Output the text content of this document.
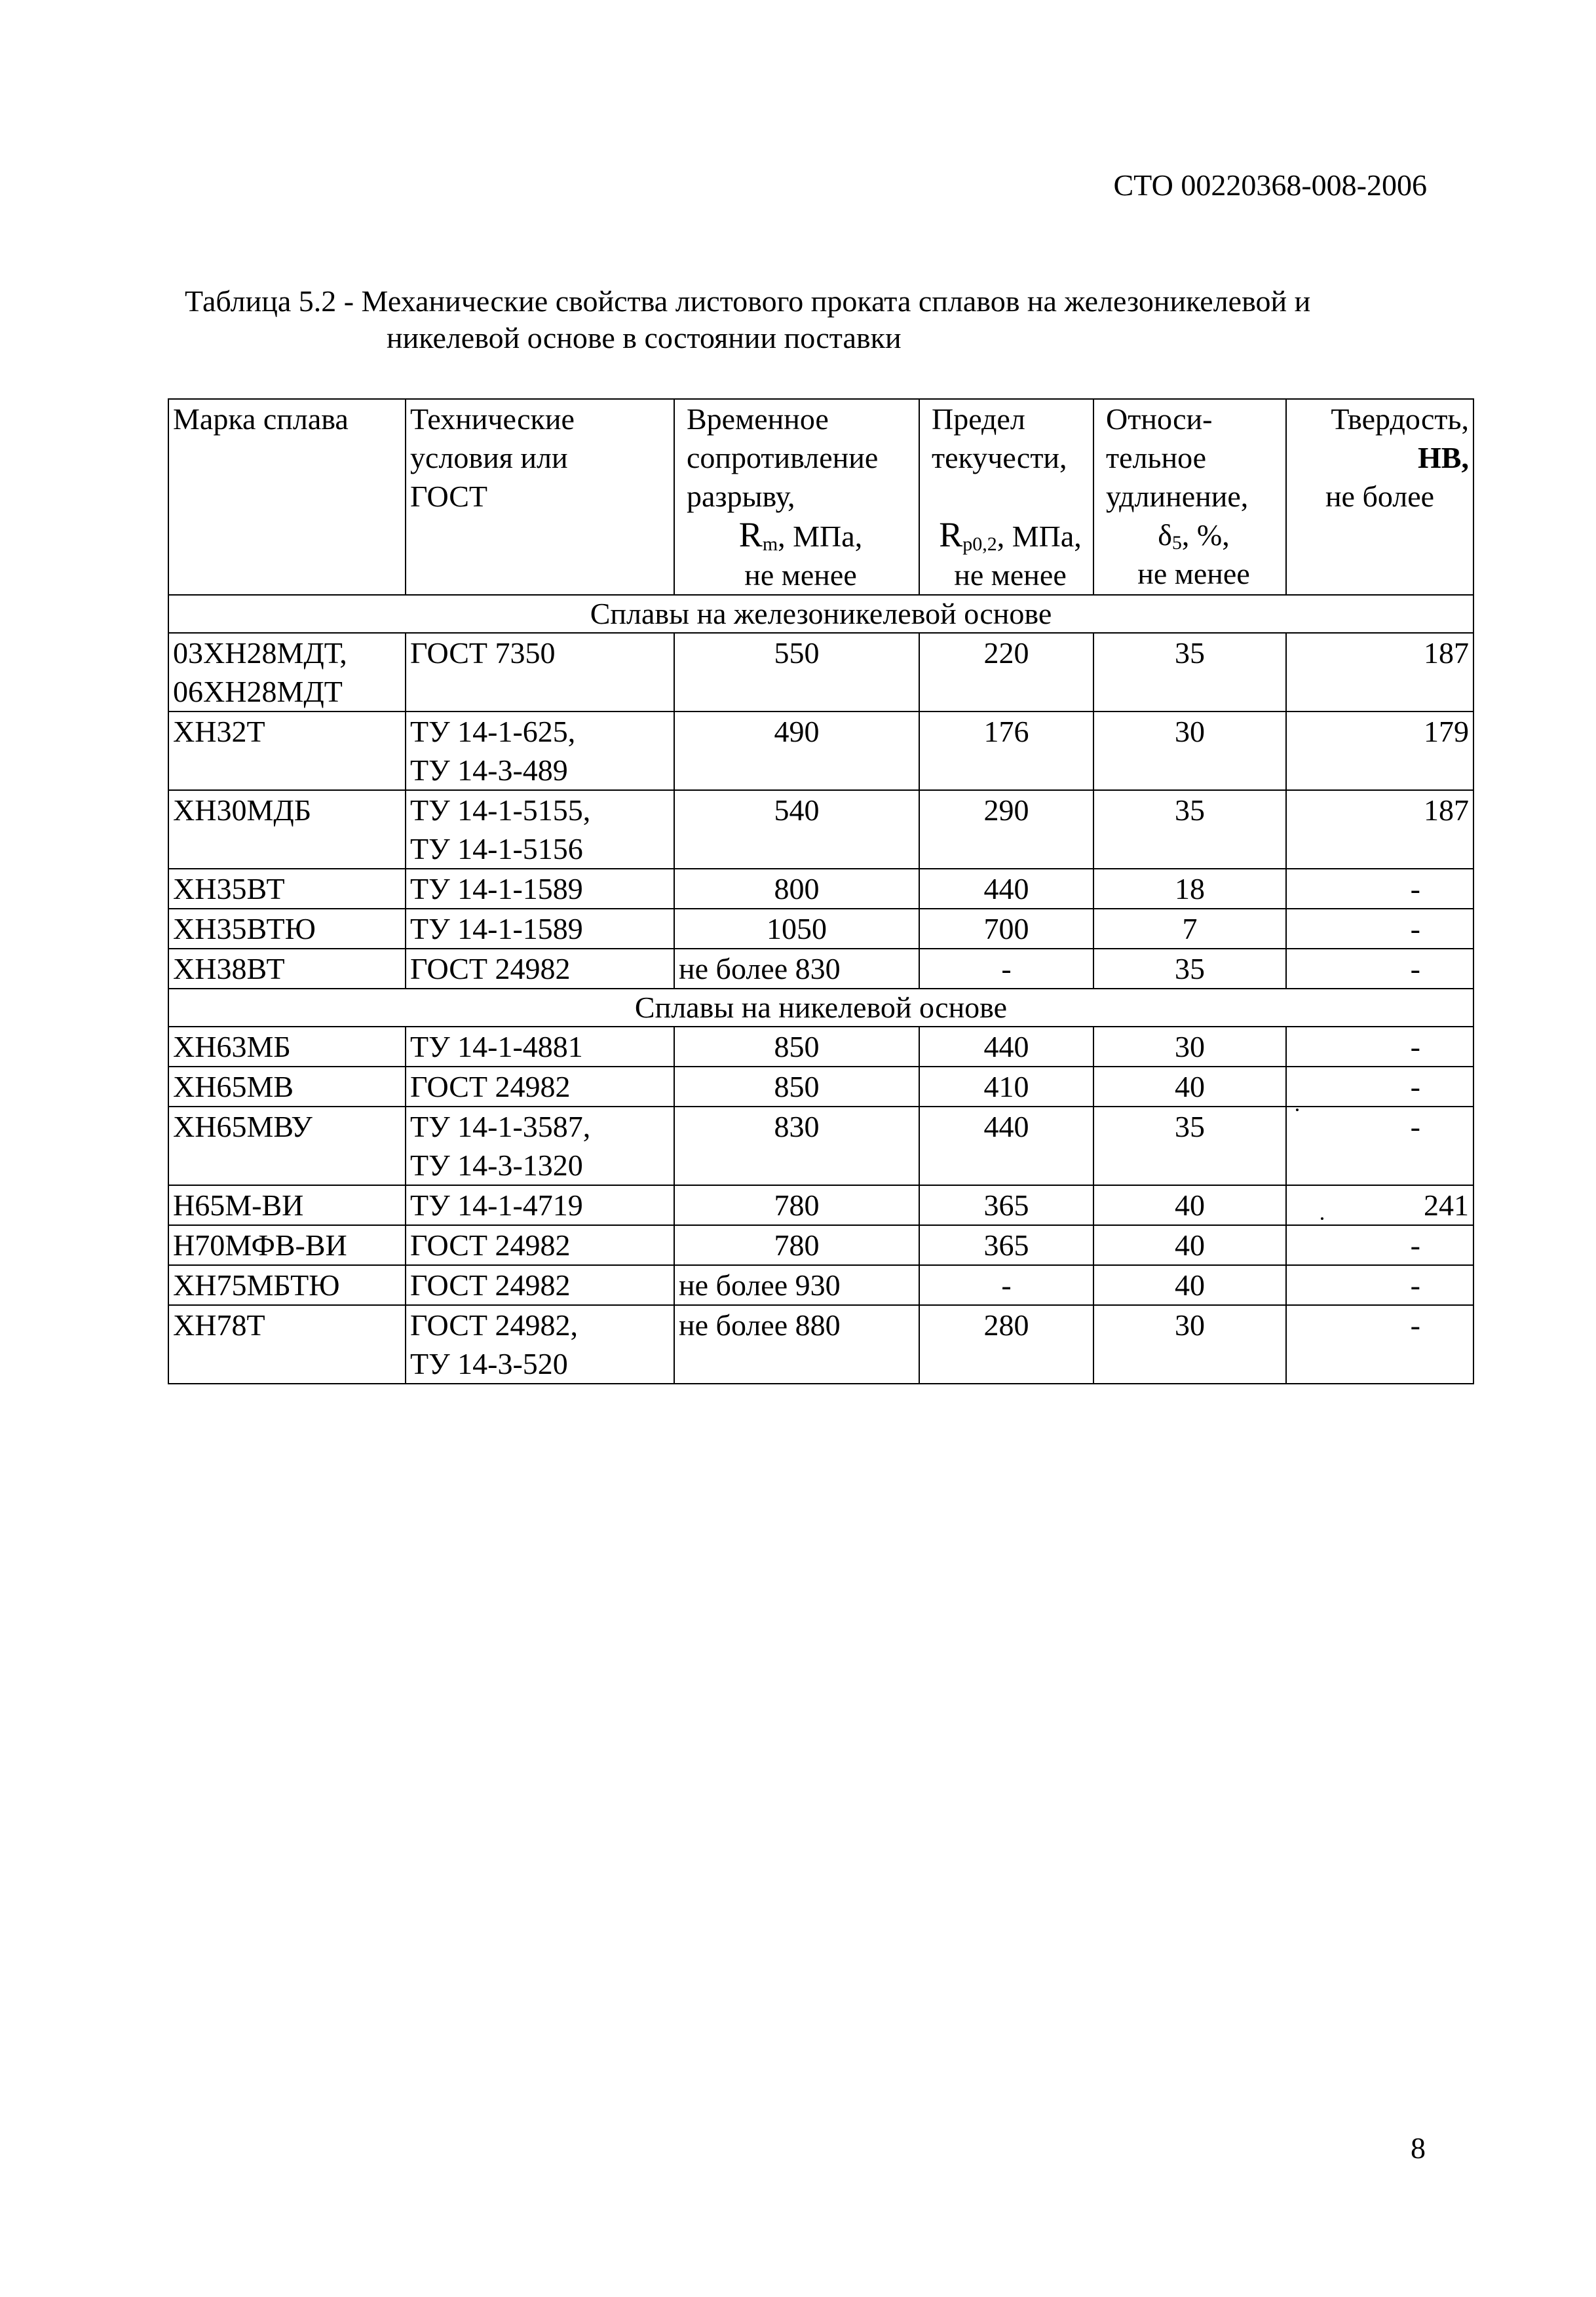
СТО 00220368-008-2006
Таблица 5.2 - Механические свойства листового проката сплавов на железоникелевой и
никелевой основе в состоянии поставки
Марка сплава	Технические
условия или
ГОСТ	Временное
сопротивление
разрыву,
$R_m$, МПа,
не менее	Предел
текучести,

$R_{p0,2}$, МПа,
не менее	Относи-
тельное
удлинение,
$\delta_5$, %,
не менее	Твердость,
НВ,
не более

Сплавы на железоникелевой основе					

03ХН28МДТ,
06ХН28МДТ	ГОСТ 7350	550	220	35	187

ХН32Т	ТУ 14-1-625,
ТУ 14-3-489	490	176	30	179

ХН30МДБ	ТУ 14-1-5155,
ТУ 14-1-5156	540	290	35	187

ХН35ВТ	ТУ 14-1-1589	800	440	18	-

ХН35ВТЮ	ТУ 14-1-1589	1050	700	7	-

ХН38ВТ	ГОСТ 24982	не более 830	-	35	-
Сплавы на никелевой основе					

ХН63МБ	ТУ 14-1-4881	850	440	30	-

ХН65МВ	ГОСТ 24982	850	410	40	-

ХН65МВУ	ТУ 14-1-3587,
ТУ 14-3-1320	830	440	35	-

Н65М-ВИ	ТУ 14-1-4719	780	365	40	241

Н70МФВ-ВИ	ГОСТ 24982	780	365	40	-

ХН75МБТЮ	ГОСТ 24982	не более 930	-	40	-

ХН78Т	ГОСТ 24982,
ТУ 14-3-520	не более 880	280	30	-
8
